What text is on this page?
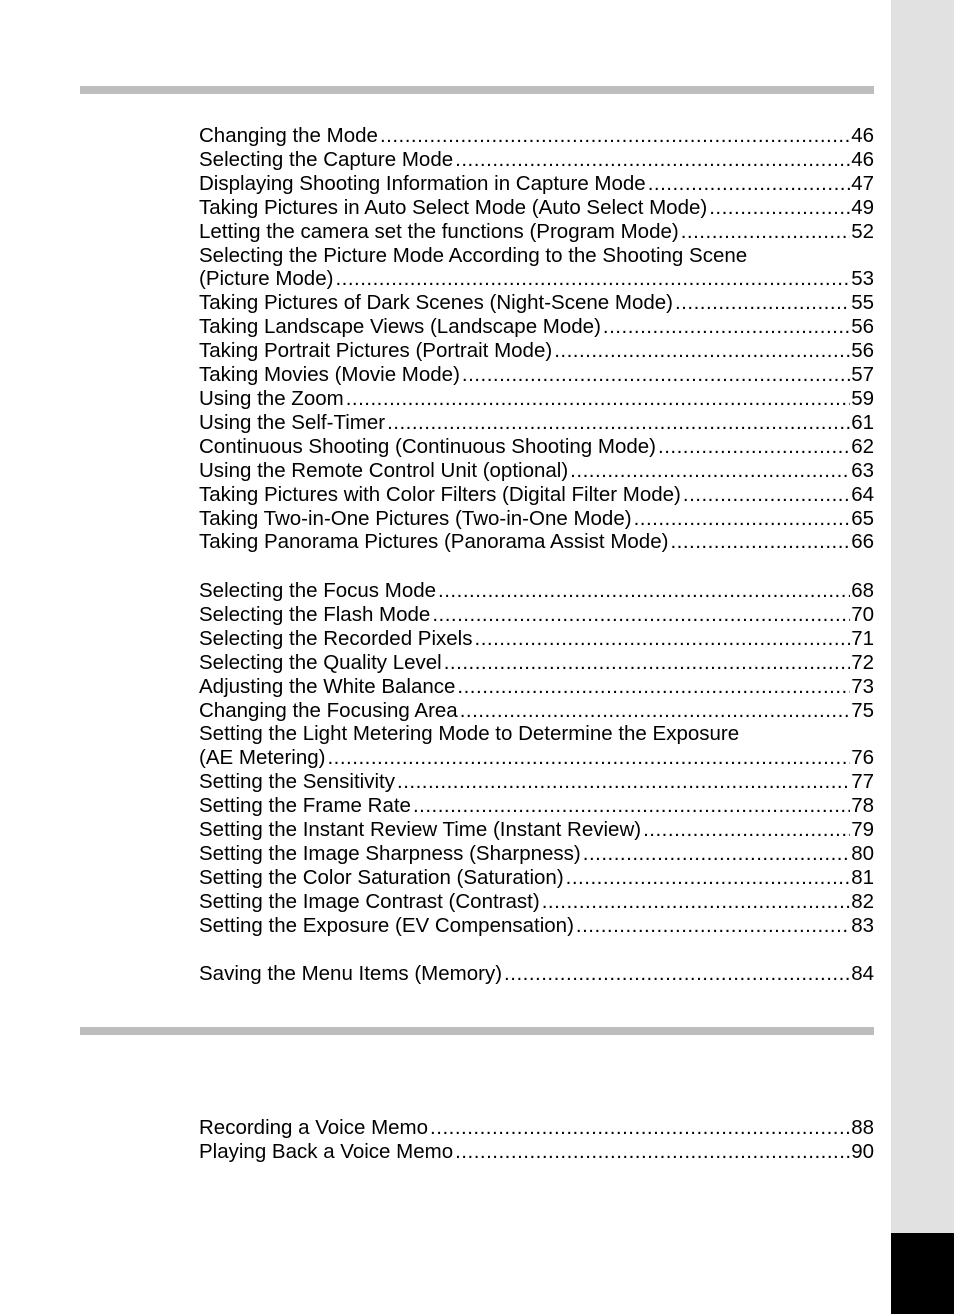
Changing the Mode .....	46
Selecting the Capture Mode .....	46
Displaying Shooting Information in Capture Mode .....	47
Taking Pictures in Auto Select Mode (Auto Select Mode) .....	49
Letting the camera set the functions (Program Mode) .....	52
Selecting the Picture Mode According to the Shooting Scene
(Picture Mode) .....	53
Taking Pictures of Dark Scenes (Night-Scene Mode) .....	55
Taking Landscape Views (Landscape Mode) .....	56
Taking Portrait Pictures (Portrait Mode) .....	56
Taking Movies (Movie Mode) .....	57
Using the Zoom .....	59
Using the Self-Timer .....	61
Continuous Shooting (Continuous Shooting Mode) .....	62
Using the Remote Control Unit (optional) .....	63
Taking Pictures with Color Filters (Digital Filter Mode) .....	64
Taking Two-in-One Pictures (Two-in-One Mode) .....	65
Taking Panorama Pictures (Panorama Assist Mode) .....	66
Selecting the Focus Mode .....	68
Selecting the Flash Mode .....	70
Selecting the Recorded Pixels .....	71
Selecting the Quality Level .....	72
Adjusting the White Balance .....	73
Changing the Focusing Area .....	75
Setting the Light Metering Mode to Determine the Exposure
(AE Metering) .....	76
Setting the Sensitivity .....	77
Setting the Frame Rate .....	78
Setting the Instant Review Time (Instant Review) .....	79
Setting the Image Sharpness (Sharpness) .....	80
Setting the Color Saturation (Saturation) .....	81
Setting the Image Contrast (Contrast) .....	82
Setting the Exposure (EV Compensation) .....	83
Saving the Menu Items (Memory) .....	84
Recording a Voice Memo .....	88
Playing Back a Voice Memo .....	90
